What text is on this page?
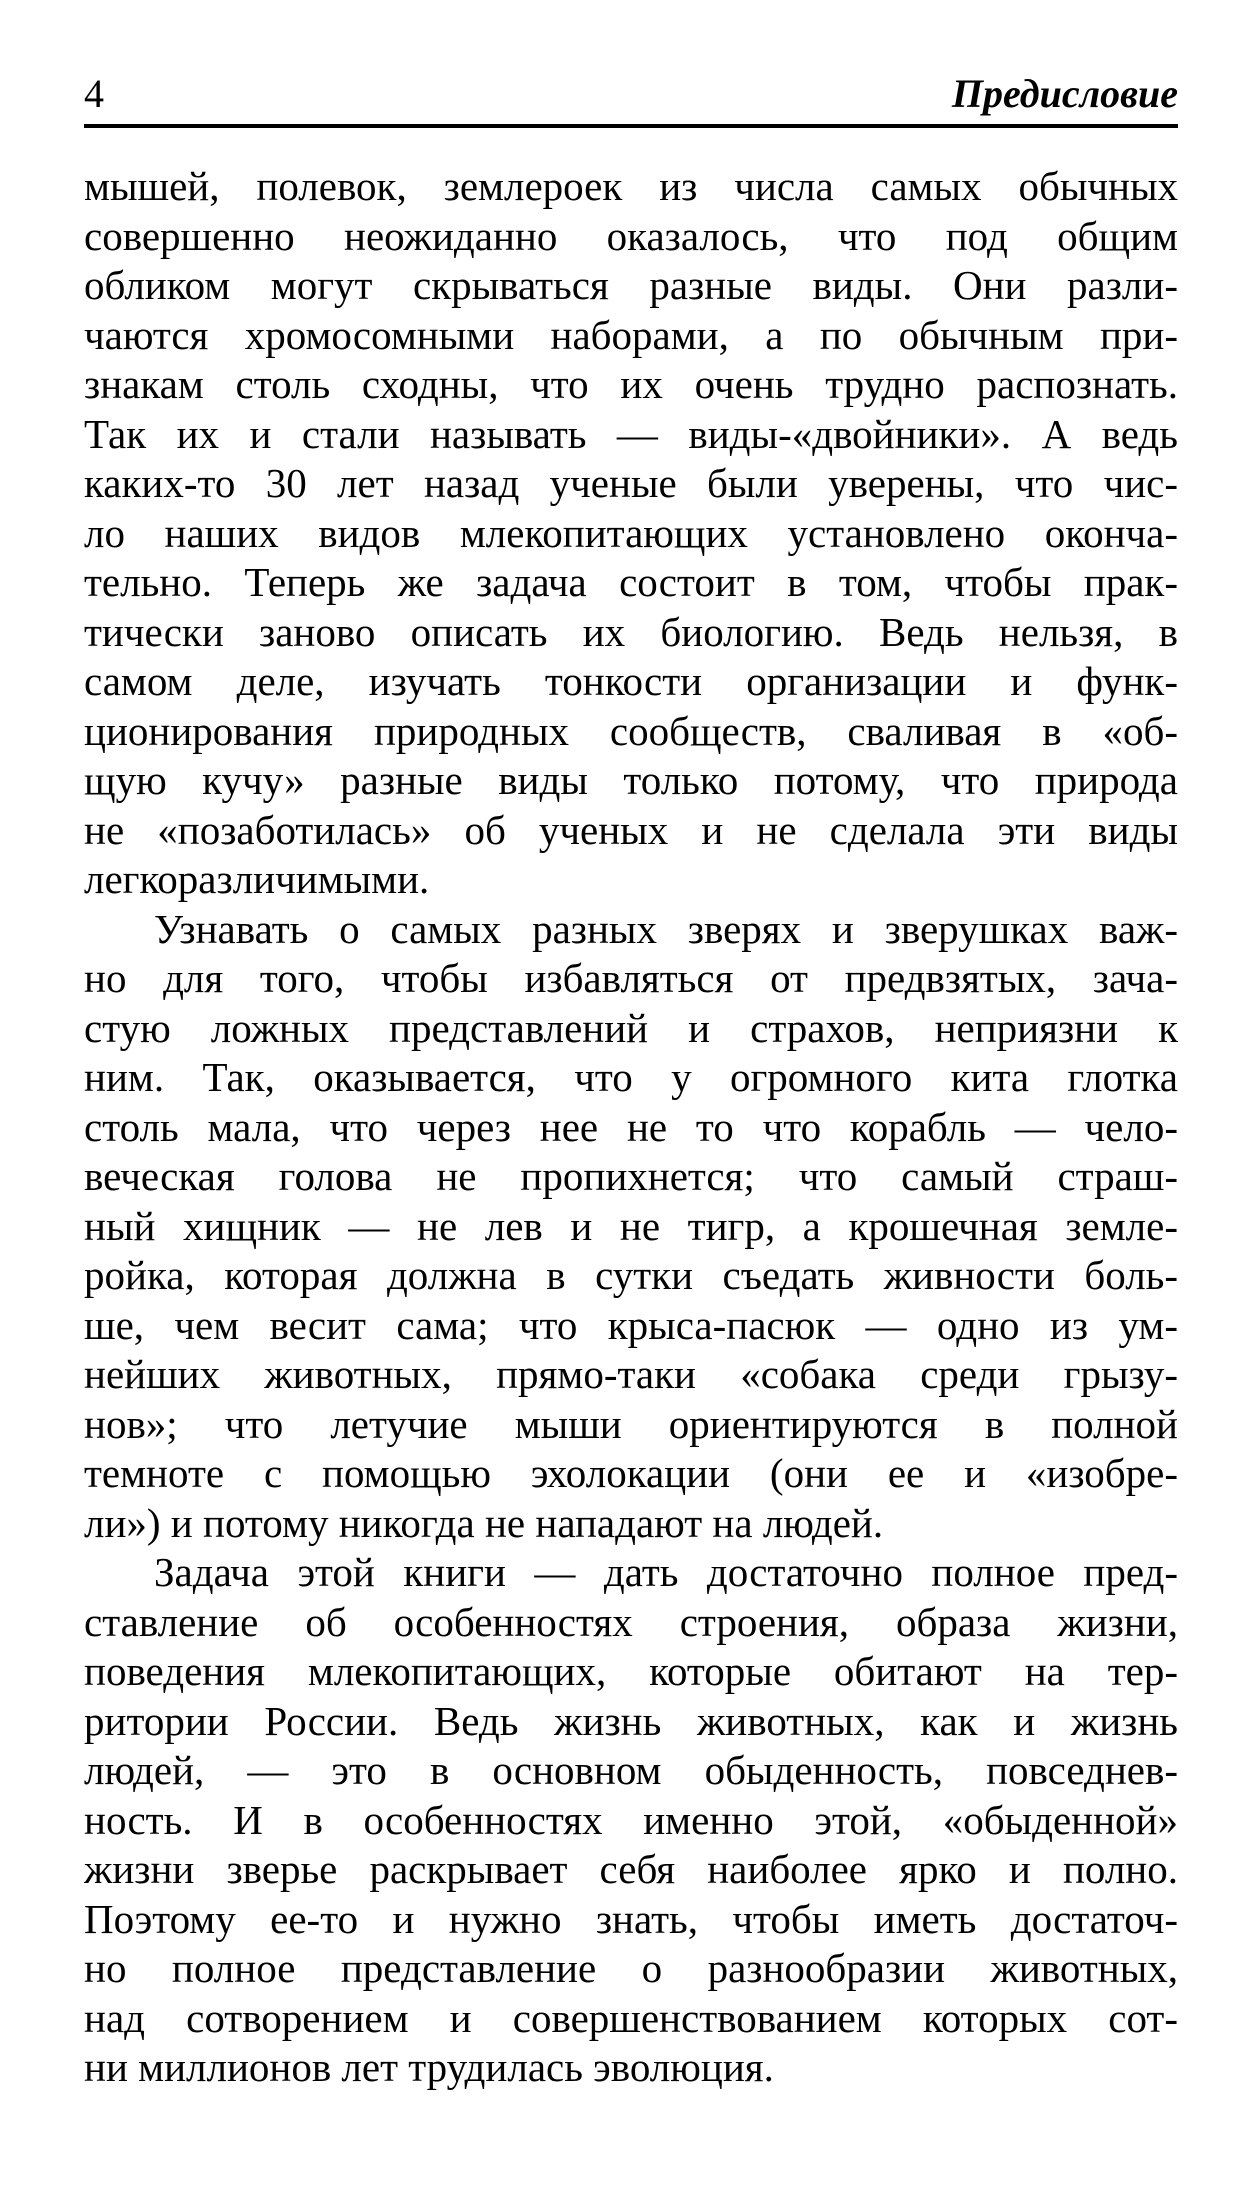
4	Предисловие
мышей, полевок, землероек из числа самых обычных
совершенно неожиданно оказалось, что под общим
обликом могут скрываться разные виды. Они разли-
чаются хромосомными наборами, а по обычным при-
знакам столь сходны, что их очень трудно распознать.
Так их и стали называть — виды-«двойники». А ведь
каких-то 30 лет назад ученые были уверены, что чис-
ло наших видов млекопитающих установлено оконча-
тельно. Теперь же задача состоит в том, чтобы прак-
тически заново описать их биологию. Ведь нельзя, в
самом деле, изучать тонкости организации и функ-
ционирования природных сообществ, сваливая в «об-
щую кучу» разные виды только потому, что природа
не «позаботилась» об ученых и не сделала эти виды
легкоразличимыми.
Узнавать о самых разных зверях и зверушках важ-
но для того, чтобы избавляться от предвзятых, зача-
стую ложных представлений и страхов, неприязни к
ним. Так, оказывается, что у огромного кита глотка
столь мала, что через нее не то что корабль — чело-
веческая голова не пропихнется; что самый страш-
ный хищник — не лев и не тигр, а крошечная земле-
ройка, которая должна в сутки съедать живности боль-
ше, чем весит сама; что крыса-пасюк — одно из ум-
нейших животных, прямо-таки «собака среди грызу-
нов»; что летучие мыши ориентируются в полной
темноте с помощью эхолокации (они ее и «изобре-
ли») и потому никогда не нападают на людей.
Задача этой книги — дать достаточно полное пред-
ставление об особенностях строения, образа жизни,
поведения млекопитающих, которые обитают на тер-
ритории России. Ведь жизнь животных, как и жизнь
людей, — это в основном обыденность, повседнев-
ность. И в особенностях именно этой, «обыденной»
жизни зверье раскрывает себя наиболее ярко и полно.
Поэтому ее-то и нужно знать, чтобы иметь достаточ-
но полное представление о разнообразии животных,
над сотворением и совершенствованием которых сот-
ни миллионов лет трудилась эволюция.
